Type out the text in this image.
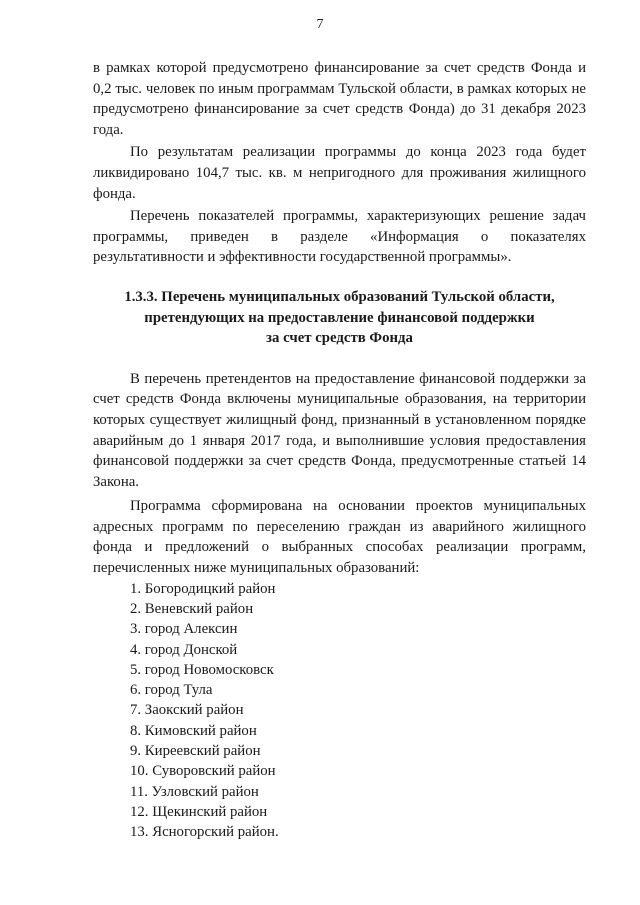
7

в рамках которой предусмотрено финансирование за счет средств Фонда и 0,2 тыс. человек по иным программам Тульской области, в рамках которых не предусмотрено финансирование за счет средств Фонда) до 31 декабря 2023 года.

По результатам реализации программы до конца 2023 года будет ликвидировано 104,7 тыс. кв. м непригодного для проживания жилищного фонда.

Перечень показателей программы, характеризующих решение задач программы, приведен в разделе «Информация о показателях результативности и эффективности государственной программы».

1.3.3. Перечень муниципальных образований Тульской области,
претендующих на предоставление финансовой поддержки
за счет средств Фонда

В перечень претендентов на предоставление финансовой поддержки за счет средств Фонда включены муниципальные образования, на территории которых существует жилищный фонд, признанный в установленном порядке аварийным до 1 января 2017 года, и выполнившие условия предоставления финансовой поддержки за счет средств Фонда, предусмотренные статьей 14 Закона.

Программа сформирована на основании проектов муниципальных адресных программ по переселению граждан из аварийного жилищного фонда и предложений о выбранных способах реализации программ, перечисленных ниже муниципальных образований:

1. Богородицкий район
2. Веневский район
3. город Алексин
4. город Донской
5. город Новомосковск
6. город Тула
7. Заокский район
8. Кимовский район
9. Киреевский район
10. Суворовский район
11. Узловский район
12. Щекинский район
13. Ясногорский район.
